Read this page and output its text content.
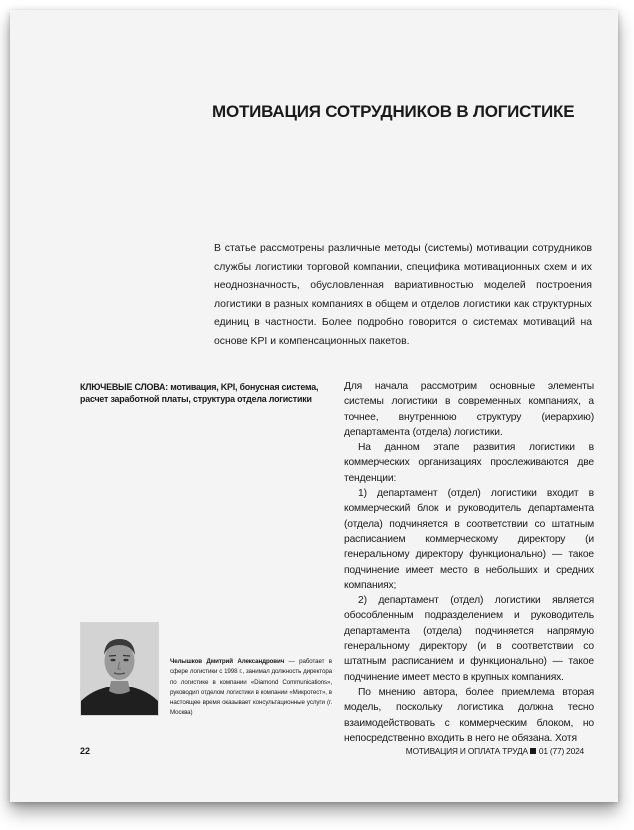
МОТИВАЦИЯ СОТРУДНИКОВ В ЛОГИСТИКЕ

В статье рассмотрены различные методы (системы) мотивации сотрудников службы логистики торговой компании, специфика мотивационных схем и их неоднозначность, обусловленная вариативностью моделей построения логистики в разных компаниях в общем и отделов логистики как структурных единиц в частности. Более подробно говорится о системах мотиваций на основе KPI и компенсационных пакетов.

КЛЮЧЕВЫЕ СЛОВА: мотивация, KPI, бонусная система, расчет заработной платы, структура отдела логистики

Для начала рассмотрим основные элементы системы логистики в современных компаниях, а точнее, внутреннюю структуру (иерархию) департамента (отдела) логистики.

На данном этапе развития логистики в коммерческих организациях прослеживаются две тенденции:

1) департамент (отдел) логистики входит в коммерческий блок и руководитель департамента (отдела) подчиняется в соответствии со штатным расписанием коммерческому директору (и генеральному директору функционально) — такое подчинение имеет место в небольших и средних компаниях;

2) департамент (отдел) логистики является обособленным подразделением и руководитель департамента (отдела) подчиняется напрямую генеральному директору (и в соответствии со штатным расписанием и функционально) — такое подчинение имеет место в крупных компаниях.

По мнению автора, более приемлема вторая модель, поскольку логистика должна тесно взаимодействовать с коммерческим блоком, но непосредственно входить в него не обязана. Хотя

Челышков Дмитрий Александрович — работает в сфере логистики с 1998 г., занимал должность директора по логистике в компании «Diamond Communications», руководил отделом логистики в компании «Микротест», в настоящее время оказывает консультационные услуги (г. Москва)

22	МОТИВАЦИЯ И ОПЛАТА ТРУДА 01 (77) 2024
